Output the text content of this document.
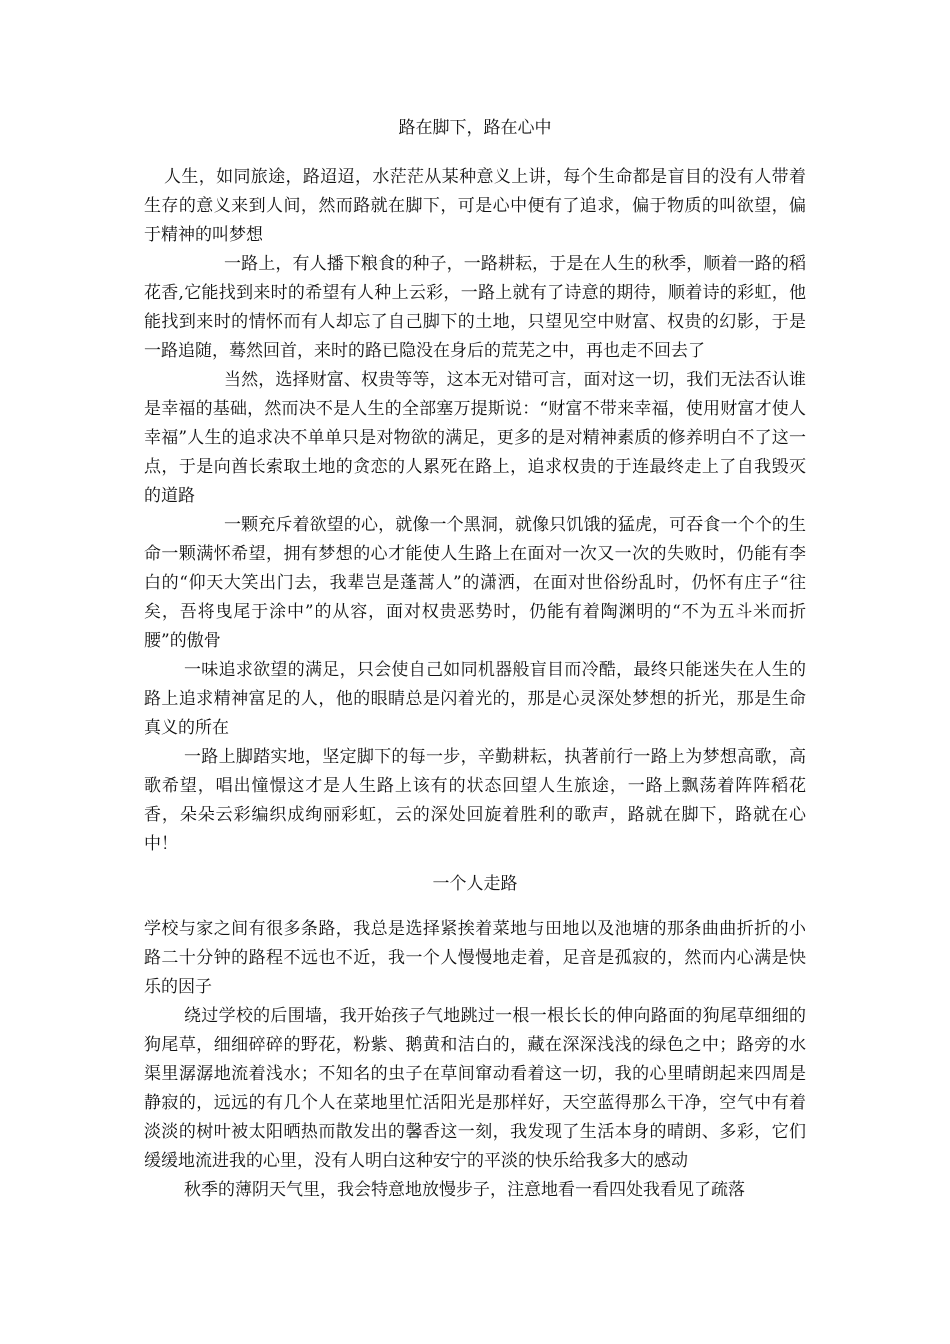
路在脚下，路在心中

人生，如同旅途，路迢迢，水茫茫从某种意义上讲，每个生命都是盲目的没有人带着生存的意义来到人间，然而路就在脚下，可是心中便有了追求，偏于物质的叫欲望，偏于精神的叫梦想

一路上，有人播下粮食的种子，一路耕耘，于是在人生的秋季，顺着一路的稻花香,它能找到来时的希望有人种上云彩，一路上就有了诗意的期待，顺着诗的彩虹，他能找到来时的情怀而有人却忘了自己脚下的土地，只望见空中财富、权贵的幻影，于是一路追随，蓦然回首，来时的路已隐没在身后的荒芜之中，再也走不回去了

当然，选择财富、权贵等等，这本无对错可言，面对这一切，我们无法否认谁是幸福的基础，然而决不是人生的全部塞万提斯说：“财富不带来幸福，使用财富才使人幸福”人生的追求决不单单只是对物欲的满足，更多的是对精神素质的修养明白不了这一点，于是向酋长索取土地的贪恋的人累死在路上，追求权贵的于连最终走上了自我毁灭的道路

一颗充斥着欲望的心，就像一个黑洞，就像只饥饿的猛虎，可吞食一个个的生命一颗满怀希望，拥有梦想的心才能使人生路上在面对一次又一次的失败时，仍能有李白的“仰天大笑出门去，我辈岂是蓬蒿人”的潇洒，在面对世俗纷乱时，仍怀有庄子“往矣，吾将曳尾于涂中”的从容，面对权贵恶势时，仍能有着陶渊明的“不为五斗米而折腰”的傲骨

一味追求欲望的满足，只会使自己如同机器般盲目而冷酷，最终只能迷失在人生的路上追求精神富足的人，他的眼睛总是闪着光的，那是心灵深处梦想的折光，那是生命真义的所在

一路上脚踏实地，坚定脚下的每一步，辛勤耕耘，执著前行一路上为梦想高歌，高歌希望，唱出憧憬这才是人生路上该有的状态回望人生旅途，一路上飘荡着阵阵稻花香，朵朵云彩编织成绚丽彩虹，云的深处回旋着胜利的歌声，路就在脚下，路就在心中！

一个人走路

学校与家之间有很多条路，我总是选择紧挨着菜地与田地以及池塘的那条曲曲折折的小路二十分钟的路程不远也不近，我一个人慢慢地走着，足音是孤寂的，然而内心满是快乐的因子

绕过学校的后围墙，我开始孩子气地跳过一根一根长长的伸向路面的狗尾草细细的狗尾草，细细碎碎的野花，粉紫、鹅黄和洁白的，藏在深深浅浅的绿色之中；路旁的水渠里潺潺地流着浅水；不知名的虫子在草间窜动看着这一切，我的心里晴朗起来四周是静寂的，远远的有几个人在菜地里忙活阳光是那样好，天空蓝得那么干净，空气中有着淡淡的树叶被太阳晒热而散发出的馨香这一刻，我发现了生活本身的晴朗、多彩，它们缓缓地流进我的心里，没有人明白这种安宁的平淡的快乐给我多大的感动

秋季的薄阴天气里，我会特意地放慢步子，注意地看一看四处我看见了疏落
